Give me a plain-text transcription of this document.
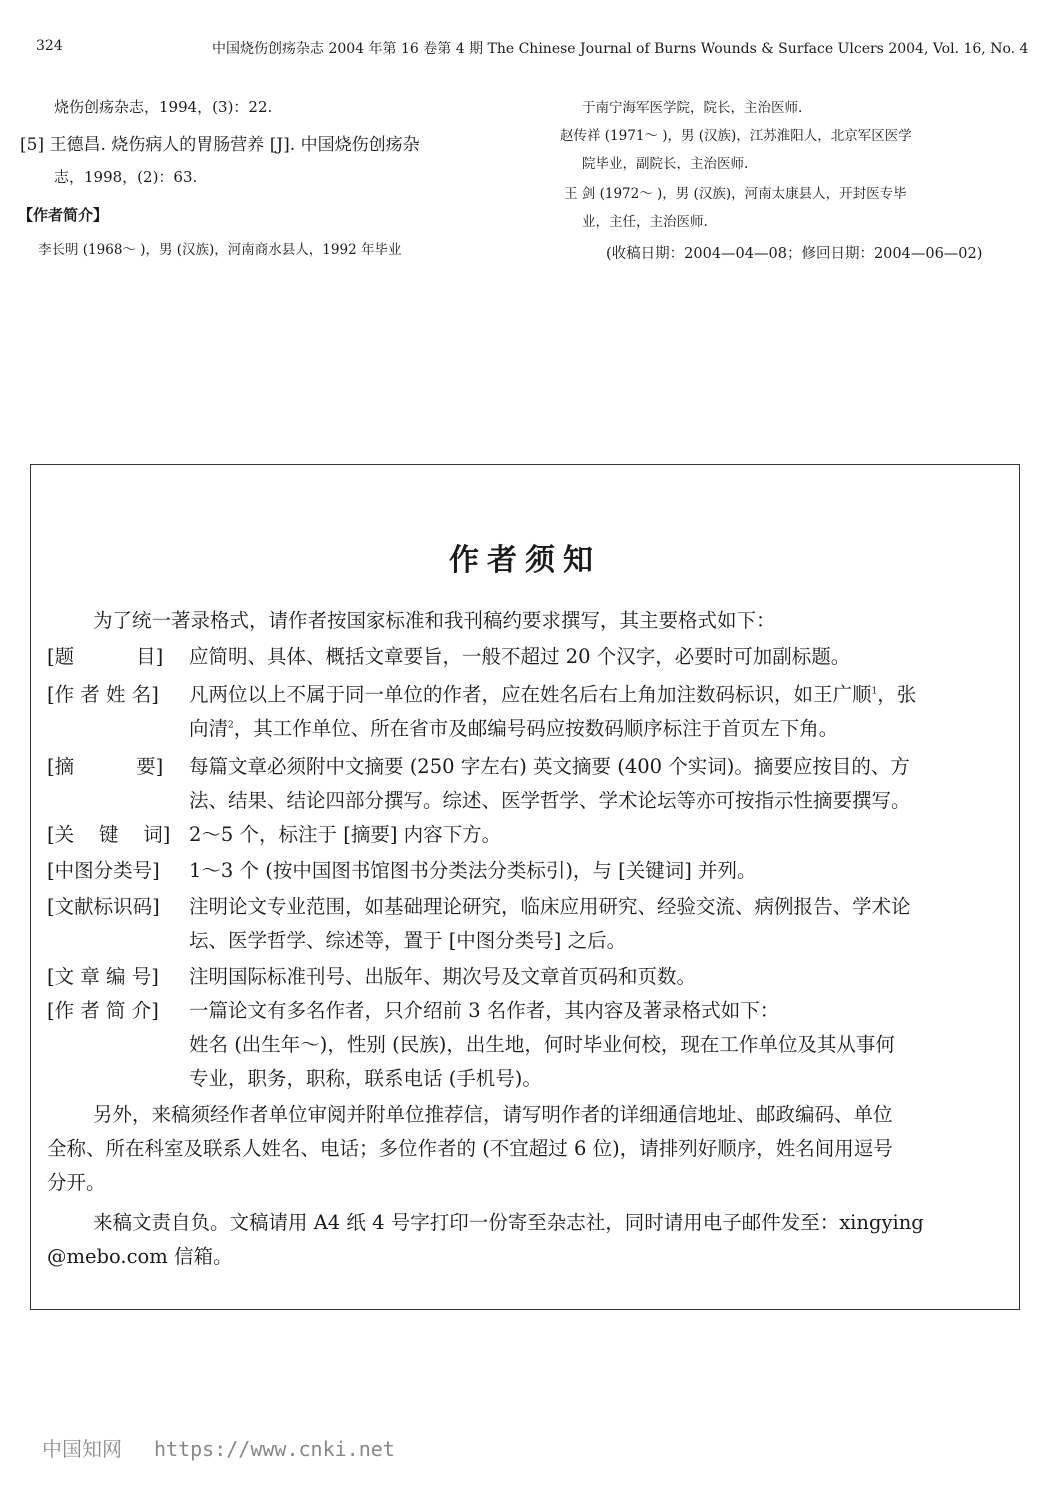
324	中国烧伤创疡杂志 2004 年第 16 卷第 4 期 The Chinese Journal of Burns Wounds & Surface Ulcers 2004, Vol. 16, No. 4
烧伤创疡杂志，1994，(3)：22.
[5] 王德昌. 烧伤病人的胃肠营养 [J]. 中国烧伤创疡杂
志，1998，(2)：63.
【作者简介】
李长明 (1968～ )，男 (汉族)，河南商水县人，1992 年毕业
于南宁海军医学院，院长，主治医师.
赵传祥 (1971～ )，男 (汉族)，江苏淮阳人，北京军区医学
院毕业，副院长，主治医师.
王 剑 (1972～ )，男 (汉族)，河南太康县人，开封医专毕
业，主任，主治医师.
(收稿日期：2004—04—08；修回日期：2004—06—02)
作者须知
为了统一著录格式，请作者按国家标准和我刊稿约要求撰写，其主要格式如下：
[题          目] 应简明、具体、概括文章要旨，一般不超过 20 个汉字，必要时可加副标题。
[作 者 姓 名] 凡两位以上不属于同一单位的作者，应在姓名后右上角加注数码标识，如王广顺$^1$，张
向清$^2$，其工作单位、所在省市及邮编号码应按数码顺序标注于首页左下角。
[摘          要] 每篇文章必须附中文摘要 (250 字左右) 英文摘要 (400 个实词)。摘要应按目的、方
法、结果、结论四部分撰写。综述、医学哲学、学术论坛等亦可按指示性摘要撰写。
[关    键    词] 2～5 个，标注于 [摘要] 内容下方。
[中图分类号] 1～3 个 (按中国图书馆图书分类法分类标引)，与 [关键词] 并列。
[文献标识码] 注明论文专业范围，如基础理论研究，临床应用研究、经验交流、病例报告、学术论
坛、医学哲学、综述等，置于 [中图分类号] 之后。
[文 章 编 号] 注明国际标准刊号、出版年、期次号及文章首页码和页数。
[作 者 简 介] 一篇论文有多名作者，只介绍前 3 名作者，其内容及著录格式如下：
姓名 (出生年～)，性别 (民族)，出生地，何时毕业何校，现在工作单位及其从事何
专业，职务，职称，联系电话 (手机号)。
另外，来稿须经作者单位审阅并附单位推荐信，请写明作者的详细通信地址、邮政编码、单位
全称、所在科室及联系人姓名、电话；多位作者的 (不宜超过 6 位)，请排列好顺序，姓名间用逗号
分开。
来稿文责自负。文稿请用 A4 纸 4 号字打印一份寄至杂志社，同时请用电子邮件发至：xingying
@mebo.com 信箱。
中国知网 https://www.cnki.net
